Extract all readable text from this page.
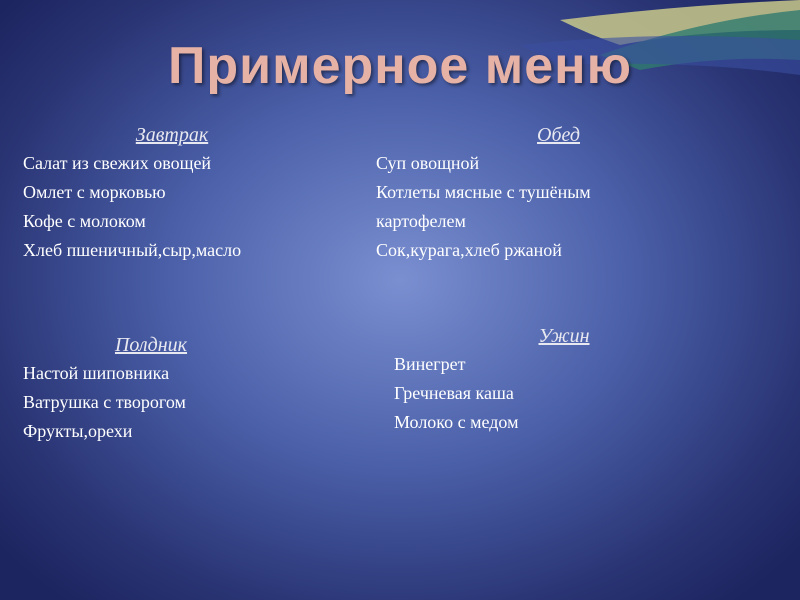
Примерное меню
Завтрак
Салат из свежих овощей
Омлет с морковью
Кофе с молоком
Хлеб пшеничный,сыр,масло
Обед
Суп овощной
Котлеты мясные с тушёным
картофелем
Сок,курага,хлеб ржаной
Полдник
Настой шиповника
Ватрушка с творогом
Фрукты,орехи
Ужин
Винегрет
Гречневая каша
Молоко с медом
